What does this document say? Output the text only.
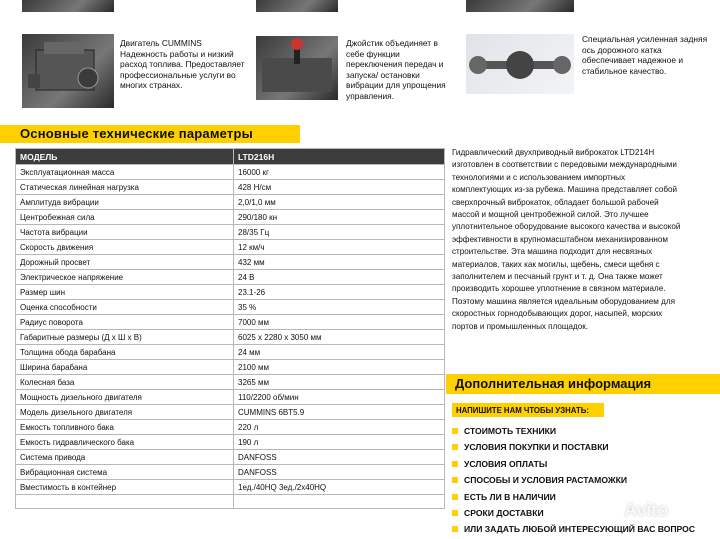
Двигатель CUMMINS Надежность работы и низкий расход топлива. Предоставляет профессиональные услуги во многих странах.
Джойстик объединяет в себе функции переключения передач и запуска/ остановки вибрации для упрощения управления.
Специальная усиленная задняя ось дорожного катка обеспечивает надежное и стабильное качество.
Основные технические параметры
МОДЕЛЬ	LTD216H
Эксплуатационная масса	16000 кг
Статическая линейная нагрузка	428 Н/см
Амплитуда вибрации	2,0/1,0 мм
Центробежная сила	290/180 кн
Частота вибрации	28/35 Гц
Скорость движения	12 км/ч
Дорожный просвет	432 мм
Электрическое напряжение	24 В
Размер шин	23.1-26
Оценка способности	35 %
Радиус поворота	7000 мм
Габаритные размеры (Д х Ш х В)	6025 x 2280 x 3050 мм
Толщина обода барабана	24 мм
Ширина барабана	2100 мм
Колесная база	3265 мм
Мощность дизельного двигателя	110/2200 об/мин
Модель дизельного двигателя	CUMMINS 6BT5.9
Емкость топливного бака	220 л
Емкость гидравлического бака	190 л
Система привода	DANFOSS
Вибрационная система	DANFOSS
Вместимость в контейнер	1ед./40HQ 3ед./2x40HQ

Гидравлический двухприводный виброкаток LTD214H
изготовлен в соответствии с передовыми международными
технологиями и с использованием импортных
комплектующих из-за рубежа. Машина представляет собой
сверхпрочный виброкаток, обладает большой рабочей
массой и мощной центробежной силой. Это лучшее
уплотнительное оборудование высокого качества и высокой
эффективности в крупномасштабном механизированном
строительстве. Эта машина подходит для несвязных
материалов, таких как могилы, щебень, смеси щебня с
заполнителем и песчаный грунт и т. д. Она также может
производить хорошее уплотнение в связном материале.
Поэтому машина является идеальным оборудованием для
скоростных горнодобывающих дорог, насыпей, морских
портов и промышленных площадок.
Дополнительная информация
НАПИШИТЕ НАМ ЧТОБЫ УЗНАТЬ:
СТОИМОТЬ ТЕХНИКИ
УСЛОВИЯ ПОКУПКИ И ПОСТАВКИ
УСЛОВИЯ ОПЛАТЫ
СПОСОБЫ И УСЛОВИЯ РАСТАМОЖКИ
ЕСТЬ ЛИ В НАЛИЧИИ
СРОКИ ДОСТАВКИ
ИЛИ ЗАДАТЬ ЛЮБОЙ ИНТЕРЕСУЮЩИЙ ВАС ВОПРОС
Avito
